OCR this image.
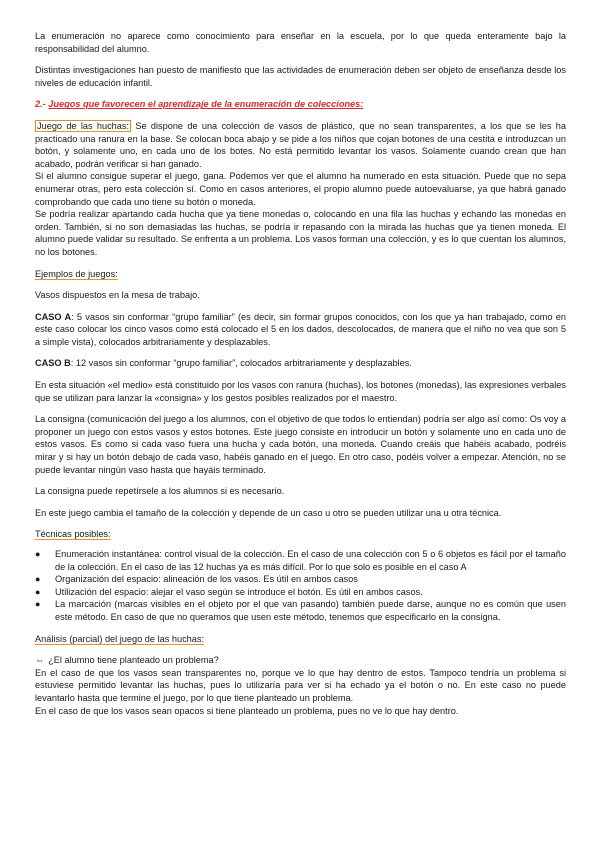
La enumeración no aparece como conocimiento para enseñar en la escuela, por lo que queda enteramente bajo la responsabilidad del alumno.

Distintas investigaciones han puesto de manifiesto que las actividades de enumeración deben ser objeto de enseñanza desde los niveles de educación infantil.

2.- Juegos que favorecen el aprendizaje de la enumeración de colecciones:

Juego de las huchas: Se dispone de una colección de vasos de plástico, que no sean transparentes, a los que se les ha practicado una ranura en la base. Se colocan boca abajo y se pide a los niños que cojan botones de una cestita e introduzcan un botón, y solamente uno, en cada uno de los botes. No está permitido levantar los vasos. Solamente cuando crean que han acabado, podrán verificar si han ganado.

Si el alumno consigue superar el juego, gana. Podemos ver que el alumno ha numerado en esta situación. Puede que no sepa enumerar otras, pero esta colección sí. Como en casos anteriores, el propio alumno puede autoevaluarse, ya que habrá ganado comprobando que cada uno tiene su botón o moneda.

Se podría realizar apartando cada hucha que ya tiene monedas o, colocando en una fila las huchas y echando las monedas en orden. También, si no son demasiadas las huchas, se podría ir repasando con la mirada las huchas que ya tienen moneda. El alumno puede validar su resultado. Se enfrenta a un problema. Los vasos forman una colección, y es lo que cuentan los alumnos, no los botones.

Ejemplos de juegos:

Vasos dispuestos en la mesa de trabajo.

CASO A: 5 vasos sin conformar “grupo familiar” (es decir, sin formar grupos conocidos, con los que ya han trabajado, como en este caso colocar los cinco vasos como está colocado el 5 en los dados, descolocados, de manera que el niño no vea que son 5 a simple vista), colocados arbitrariamente y desplazables.

CASO B: 12 vasos sin conformar “grupo familiar”, colocados arbitrariamente y desplazables.

En esta situación «el medio» está constituido por los vasos con ranura (huchas), los botones (monedas), las expresiones verbales que se utilizan para lanzar la «consigna» y los gestos posibles realizados por el maestro.

La consigna (comunicación del juego a los alumnos, con el objetivo de que todos lo entiendan) podría ser algo así como: Os voy a proponer un juego con estos vasos y estos botones. Este juego consiste en introducir un botón y solamente uno en cada uno de estos vasos. Es como si cada vaso fuera una hucha y cada botón, una moneda. Cuando creáis que habéis acabado, podréis mirar y si hay un botón debajo de cada vaso, habéis ganado en el juego. En otro caso, podéis volver a empezar. Atención, no se puede levantar ningún vaso hasta que hayáis terminado.

La consigna puede repetírsele a los alumnos si es necesario.

En este juego cambia el tamaño de la colección y depende de un caso u otro se pueden utilizar una u otra técnica.

Técnicas posibles:

● Enumeración instantánea: control visual de la colección. En el caso de una colección con 5 o 6 objetos es fácil por el tamaño de la colección. En el caso de las 12 huchas ya es más difícil. Por lo que solo es posible en el caso A
● Organización del espacio: alineación de los vasos. Es útil en ambos casos
● Utilización del espacio: alejar el vaso según se introduce el botón. Es útil en ambos casos.
● La marcación (marcas visibles en el objeto por el que van pasando) también puede darse, aunque no es común que usen este método. En caso de que no queramos que usen este método, tenemos que especificarlo en la consigna.

Análisis (parcial) del juego de las huchas:

⇔ ¿El alumno tiene planteado un problema?

En el caso de que los vasos sean transparentes no, porque ve lo que hay dentro de estos. Tampoco tendría un problema si estuviese permitido levantar las huchas, pues lo utilizaría para ver si ha echado ya el botón o no. En este caso no puede levantarlo hasta que termine el juego, por lo que tiene planteado un problema.

En el caso de que los vasos sean opacos si tiene planteado un problema, pues no ve lo que hay dentro.
